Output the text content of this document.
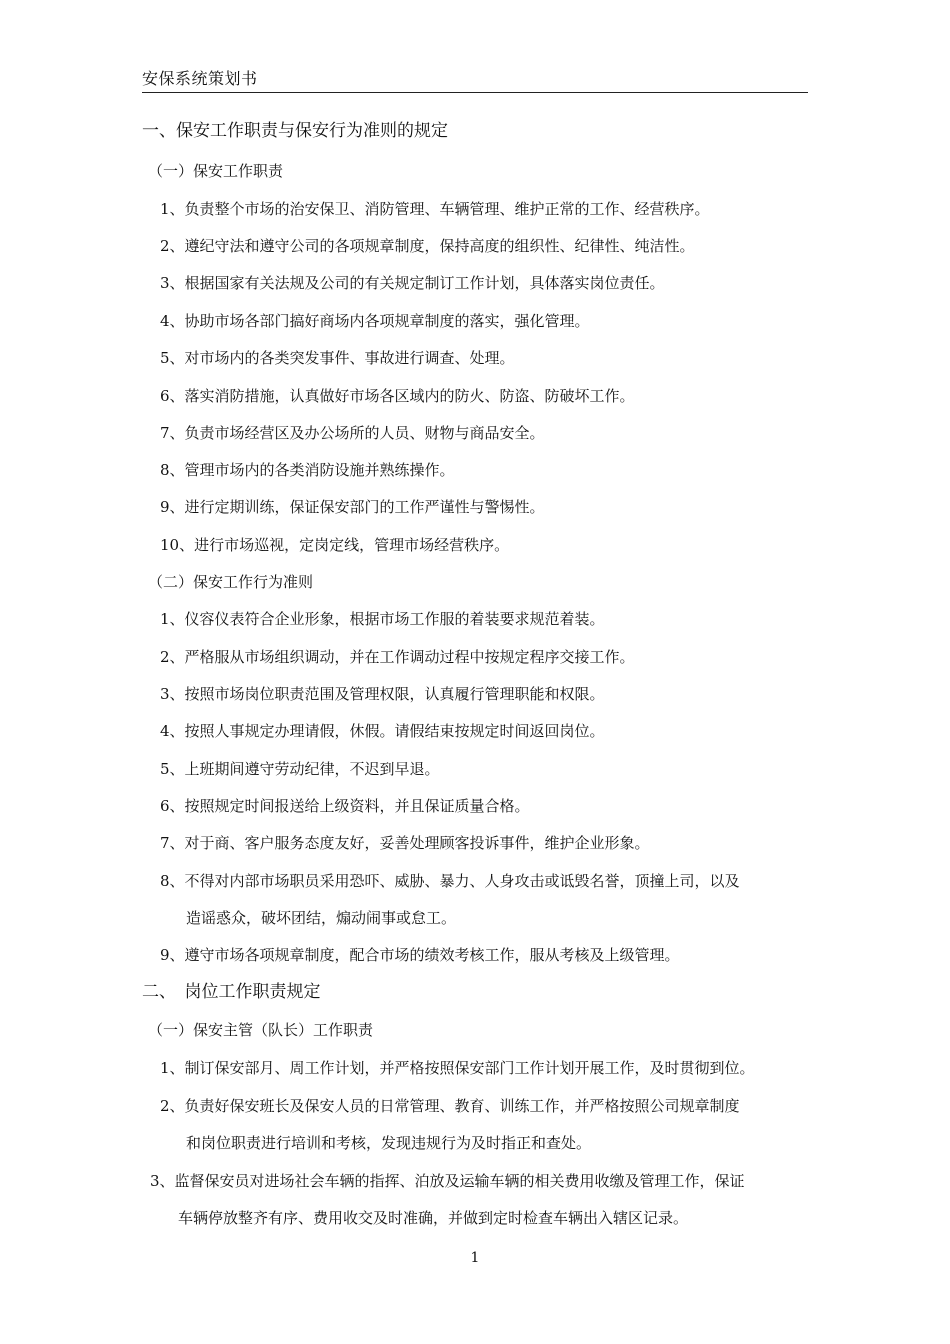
安保系统策划书
一、保安工作职责与保安行为准则的规定
（一）保安工作职责
1、负责整个市场的治安保卫、消防管理、车辆管理、维护正常的工作、经营秩序。
2、遵纪守法和遵守公司的各项规章制度，保持高度的组织性、纪律性、纯洁性。
3、根据国家有关法规及公司的有关规定制订工作计划，具体落实岗位责任。
4、协助市场各部门搞好商场内各项规章制度的落实，强化管理。
5、对市场内的各类突发事件、事故进行调查、处理。
6、落实消防措施，认真做好市场各区域内的防火、防盗、防破坏工作。
7、负责市场经营区及办公场所的人员、财物与商品安全。
8、管理市场内的各类消防设施并熟练操作。
9、进行定期训练，保证保安部门的工作严谨性与警惕性。
10、进行市场巡视，定岗定线，管理市场经营秩序。
（二）保安工作行为准则
1、仪容仪表符合企业形象，根据市场工作服的着装要求规范着装。
2、严格服从市场组织调动，并在工作调动过程中按规定程序交接工作。
3、按照市场岗位职责范围及管理权限，认真履行管理职能和权限。
4、按照人事规定办理请假，休假。请假结束按规定时间返回岗位。
5、上班期间遵守劳动纪律，不迟到早退。
6、按照规定时间报送给上级资料，并且保证质量合格。
7、对于商、客户服务态度友好，妥善处理顾客投诉事件，维护企业形象。
8、不得对内部市场职员采用恐吓、威胁、暴力、人身攻击或诋毁名誉，顶撞上司，以及
造谣惑众，破坏团结，煽动闹事或怠工。
9、遵守市场各项规章制度，配合市场的绩效考核工作，服从考核及上级管理。
二、　岗位工作职责规定
（一）保安主管（队长）工作职责
1、制订保安部月、周工作计划，并严格按照保安部门工作计划开展工作，及时贯彻到位。
2、负责好保安班长及保安人员的日常管理、教育、训练工作，并严格按照公司规章制度
和岗位职责进行培训和考核，发现违规行为及时指正和查处。
3、监督保安员对进场社会车辆的指挥、泊放及运输车辆的相关费用收缴及管理工作，保证
车辆停放整齐有序、费用收交及时准确，并做到定时检查车辆出入辖区记录。
1
